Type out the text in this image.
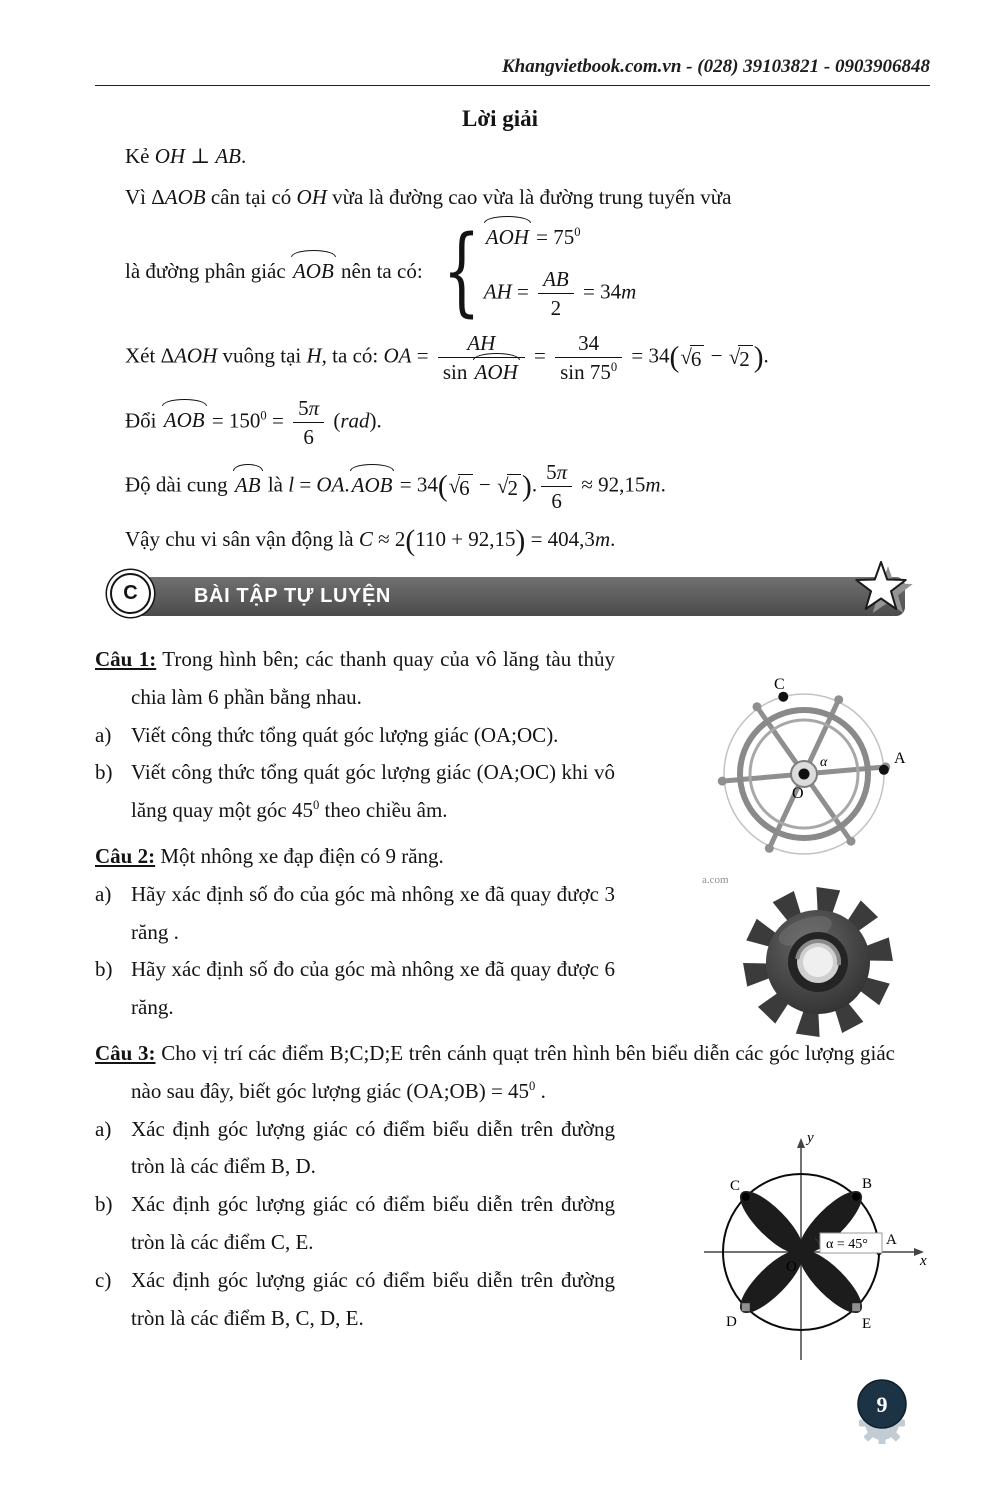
Khangvietbook.com.vn - (028) 39103821 - 0903906848
Lời giải
Kẻ OH ⊥ AB.
Vì ΔAOB cân tại có OH vừa là đường cao vừa là đường trung tuyến vừa
là đường phân giác AOB nên ta có: { AOH = $75^0$
AH = $\frac{AB}{2} = 34m$
Xét ΔAOH vuông tại H, ta có: OA = $\frac{AH}{\text{sin AOH}} = \frac{34}{\sin 75^0} = 34$( √ 6 − √ 2 ).
Đổi AOB = $150^0 = \frac{5\pi}{6} (rad)$.
Độ dài cung AB là l = OA.AOB = 34( √ 6 − √ 2 ). $\frac{5\pi}{6} \approx 92,15m$.
Vậy chu vi sân vận động là C ≈ 2(110 + 92,15) = 404,3m.
C	BÀI TẬP TỰ LUYỆN

Câu 1: Trong hình bên; các thanh quay của vô lăng tàu thủy chia làm 6 phần bằng nhau.

a) Viết công thức tổng quát góc lượng giác (OA;OC).
b) Viết công thức tổng quát góc lượng giác (OA;OC) khi vô lăng quay một góc $45^0$ theo chiều âm.

Câu 2: Một nhông xe đạp điện có 9 răng.

a) Hãy xác định số đo của góc mà nhông xe đã quay được 3 răng .
b) Hãy xác định số đo của góc mà nhông xe đã quay được 6 răng.

Câu 3: Cho vị trí các điểm B;C;D;E trên cánh quạt trên hình bên biểu diễn các góc lượng giác nào sau đây, biết góc lượng giác (OA;OB) = $45^0$ .

a) Xác định góc lượng giác có điểm biểu diễn trên đường tròn là các điểm B, D.
b) Xác định góc lượng giác có điểm biểu diễn trên đường tròn là các điểm C, E.
c) Xác định góc lượng giác có điểm biểu diễn trên đường tròn là các điểm B, C, D, E.
C
A
O
α
a.com
α = 45°
B
C
D	E
A
O	x
y
9
